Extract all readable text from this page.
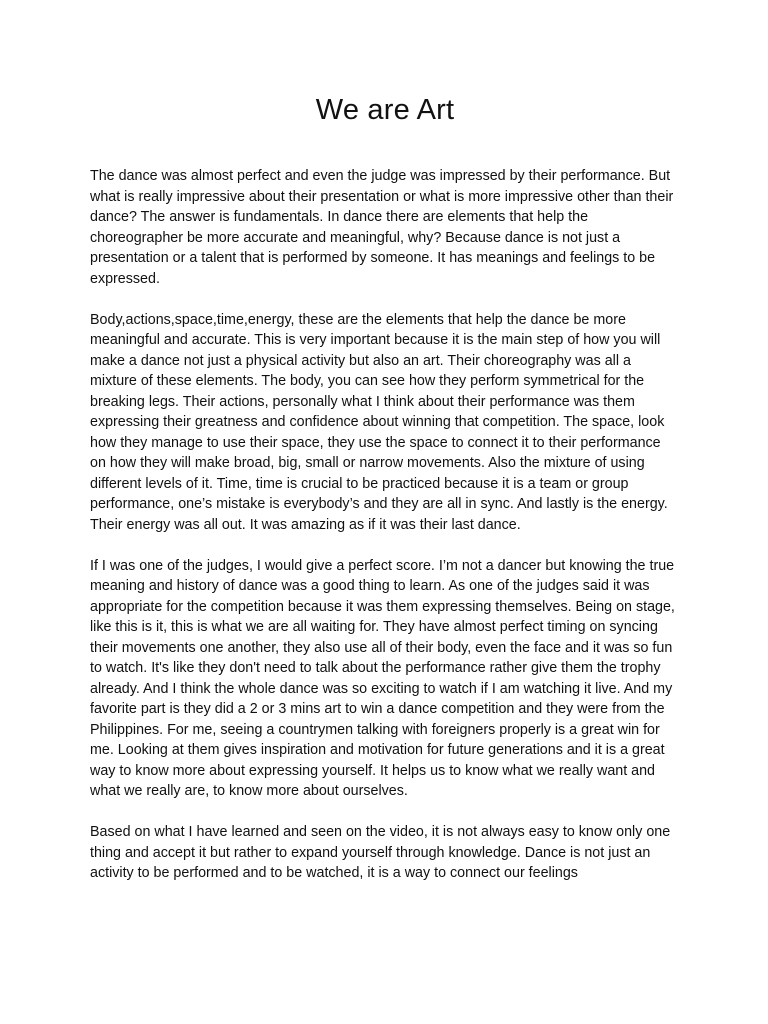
We are Art

The dance was almost perfect and even the judge was impressed by their performance. But what is really impressive about their presentation or what is more impressive other than their dance? The answer is fundamentals. In dance there are elements that help the choreographer be more accurate and meaningful, why? Because dance is not just a presentation or a talent that is performed by someone. It has meanings and feelings to be expressed.

Body,actions,space,time,energy, these are the elements that help the dance be more meaningful and accurate. This is very important because it is the main step of how you will make a dance not just a physical activity but also an art. Their choreography was all a mixture of these elements. The body, you can see how they perform symmetrical for the breaking legs. Their actions, personally what I think about their performance was them expressing their greatness and confidence about winning that competition. The space, look how they manage to use their space, they use the space to connect it to their performance on how they will make broad, big, small or narrow movements. Also the mixture of using different levels of it. Time, time is crucial to be practiced because it is a team or group performance, one’s mistake is everybody’s and they are all in sync. And lastly is the energy. Their energy was all out. It was amazing as if it was their last dance.

If I was one of the judges, I would give a perfect score. I’m not a dancer but knowing the true meaning and history of dance was a good thing to learn. As one of the judges said it was appropriate for the competition because it was them expressing themselves. Being on stage, like this is it, this is what we are all waiting for. They have almost perfect timing on syncing their movements one another, they also use all of their body, even the face and it was so fun to watch. It's like they don't need to talk about the performance rather give them the trophy already. And I think the whole dance was so exciting to watch if I am watching it live. And my favorite part is they did a 2 or 3 mins art to win a dance competition and they were from the Philippines. For me, seeing a countrymen talking with foreigners properly is a great win for me. Looking at them gives inspiration and motivation for future generations and it is a great way to know more about expressing yourself. It helps us to know what we really want and what we really are, to know more about ourselves.

Based on what I have learned and seen on the video, it is not always easy to know only one thing and accept it but rather to expand yourself through knowledge. Dance is not just an activity to be performed and to be watched, it is a way to connect our feelings
